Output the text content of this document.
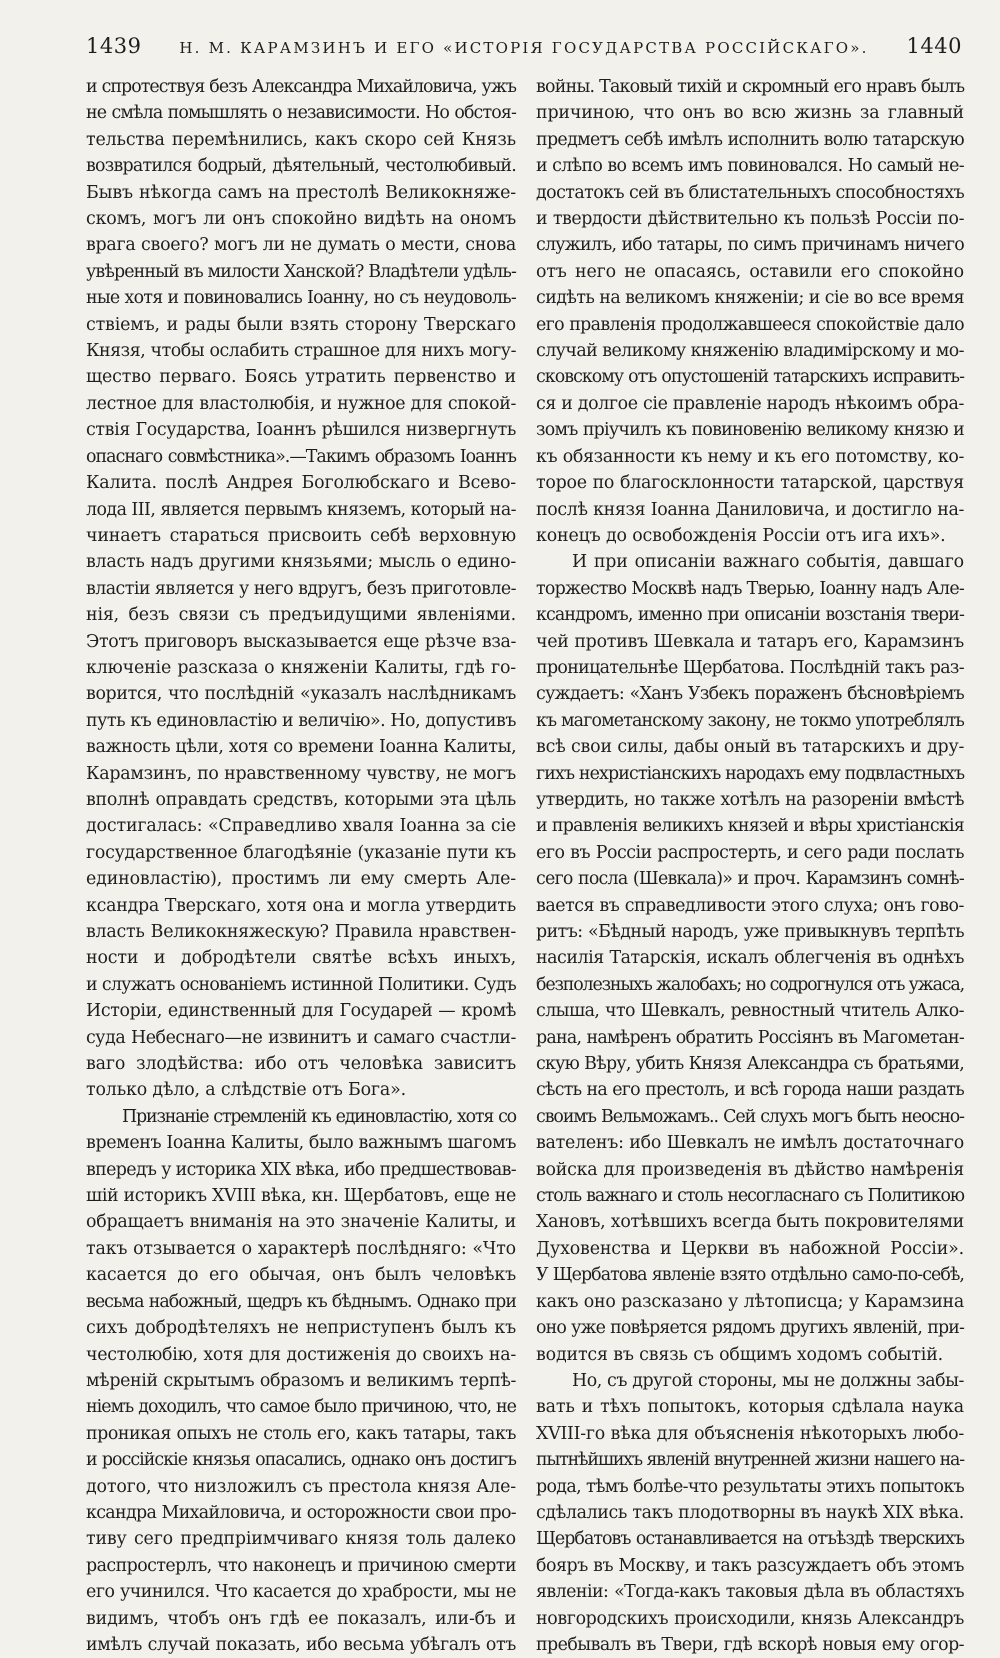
1439	Н. М. КАРАМЗИНЪ И ЕГО «ИСТОРІЯ ГОСУДАРСТВА РОССІЙСКАГО». 1440
и спротествуя безъ Александра Михайловича, ужъ
не смѣла помышлять о независимости. Но обстоя-
тельства перемѣнились, какъ скоро сей Князь
возвратился бодрый, дѣятельный, честолюбивый.
Бывъ нѣкогда самъ на престолѣ Великокняже-
скомъ, могъ ли онъ спокойно видѣть на ономъ
врага своего? могъ ли не думать о мести, снова
увѣренный въ милости Ханской? Владѣтели удѣль-
ные хотя и повиновались Іоанну, но съ неудоволь-
ствіемъ, и рады были взять сторону Тверскаго
Князя, чтобы ослабить страшное для нихъ могу-
щество перваго. Боясь утратить первенство и
лестное для властолюбія, и нужное для спокой-
ствія Государства, Іоаннъ рѣшился низвергнуть
опаснаго совмѣстника».—Такимъ образомъ Іоаннъ
Калита. послѣ Андрея Боголюбскаго и Всево-
лода III, является первымъ княземъ, который на-
чинаетъ стараться присвоить себѣ верховную
власть надъ другими князьями; мысль о едино-
властіи является у него вдругъ, безъ приготовле-
нія, безъ связи съ предъидущими явленіями.
Этотъ приговоръ высказывается еще рѣзче вза-
ключеніе разсказа о княженіи Калиты, гдѣ го-
ворится, что послѣдній «указалъ наслѣдникамъ
путь къ единовластію и величію». Но, допустивъ
важность цѣли, хотя со времени Іоанна Калиты,
Карамзинъ, по нравственному чувству, не могъ
вполнѣ оправдать средствъ, которыми эта цѣль
достигалась: «Справедливо хваля Іоанна за сіе
государственное благодѣяніе (указаніе пути къ
единовластію), простимъ ли ему смерть Але-
ксандра Тверскаго, хотя она и могла утвердить
власть Великокняжескую? Правила нравствен-
ности и добродѣтели святѣе всѣхъ иныхъ,
и служатъ основаніемъ истинной Политики. Судъ
Исторіи, единственный для Государей — кромѣ
суда Небеснаго—не извинитъ и самаго счастли-
ваго злодѣйства: ибо отъ человѣка зависитъ
только дѣло, а слѣдствіе отъ Бога».
Признаніе стремленій къ единовластію, хотя со
временъ Іоанна Калиты, было важнымъ шагомъ
впередъ у историка XIX вѣка, ибо предшествовав-
шій историкъ XVIII вѣка, кн. Щербатовъ, еще не
обращаетъ вниманія на это значеніе Калиты, и
такъ отзывается о характерѣ послѣдняго: «Что
касается до его обычая, онъ былъ человѣкъ
весьма набожный, щедръ къ бѣднымъ. Однако при
сихъ добродѣтеляхъ не неприступенъ былъ къ
честолюбію, хотя для достиженія до своихъ на-
мѣреній скрытымъ образомъ и великимъ терпѣ-
ніемъ доходилъ, что самое было причиною, что, не
проникая опыхъ не столь его, какъ татары, такъ
и россійскіе князья опасались, однако онъ достигъ
дотого, что низложилъ съ престола князя Але-
ксандра Михайловича, и осторожности свои про-
тиву сего предпріимчиваго князя толь далеко
распростерлъ, что наконецъ и причиною смерти
его учинился. Что касается до храбрости, мы не
видимъ, чтобъ онъ гдѣ ее показалъ, или-бъ и
имѣлъ случай показать, ибо весьма убѣгалъ отъ
войны. Таковый тихій и скромный его нравъ былъ
причиною, что онъ во всю жизнь за главный
предметъ себѣ имѣлъ исполнить волю татарскую
и слѣпо во всемъ имъ повиновался. Но самый не-
достатокъ сей въ блистательныхъ способностяхъ
и твердости дѣйствительно къ пользѣ Россіи по-
служилъ, ибо татары, по симъ причинамъ ничего
отъ него не опасаясь, оставили его спокойно
сидѣть на великомъ княженіи; и сіе во все время
его правленія продолжавшееся спокойствіе дало
случай великому княженію владимірскому и мо-
сковскому отъ опустошеній татарскихъ исправить-
ся и долгое сіе правленіе народъ нѣкоимъ обра-
зомъ пріучилъ къ повиновенію великому князю и
къ обязанности къ нему и къ его потомству, ко-
торое по благосклонности татарской, царствуя
послѣ князя Іоанна Даниловича, и достигло на-
конецъ до освобожденія Россіи отъ ига ихъ».
И при описаніи важнаго событія, давшаго
торжество Москвѣ надъ Тверью, Іоанну надъ Але-
ксандромъ, именно при описаніи возстанія твери-
чей противъ Шевкала и татаръ его, Карамзинъ
проницательнѣе Щербатова. Послѣдній такъ раз-
суждаетъ: «Ханъ Узбекъ пораженъ бѣсновѣріемъ
къ магометанскому закону, не токмо употреблялъ
всѣ свои силы, дабы оный въ татарскихъ и дру-
гихъ нехристіанскихъ народахъ ему подвластныхъ
утвердить, но также хотѣлъ на разореніи вмѣстѣ
и правленія великихъ князей и вѣры христіанскія
его въ Россіи распростерть, и сего ради послать
сего посла (Шевкала)» и проч. Карамзинъ сомнѣ-
вается въ справедливости этого слуха; онъ гово-
ритъ: «Бѣдный народъ, уже привыкнувъ терпѣть
насилія Татарскія, искалъ облегченія въ однѣхъ
безполезныхъ жалобахъ; но содрогнулся отъ ужаса,
слыша, что Шевкалъ, ревностный чтитель Алко-
рана, намѣренъ обратить Россіянъ въ Магометан-
скую Вѣру, убить Князя Александра съ братьями,
сѣсть на его престолъ, и всѣ города наши раздать
своимъ Вельможамъ.. Сей слухъ могъ быть неосно-
вателенъ: ибо Шевкалъ не имѣлъ достаточнаго
войска для произведенія въ дѣйство намѣренія
столь важнаго и столь несогласнаго съ Политикою
Хановъ, хотѣвшихъ всегда быть покровителями
Духовенства и Церкви въ набожной Россіи».
У Щербатова явленіе взято отдѣльно само-по-себѣ,
какъ оно разсказано у лѣтописца; у Карамзина
оно уже повѣряется рядомъ другихъ явленій, при-
водится въ связь съ общимъ ходомъ событій.
Но, съ другой стороны, мы не должны забы-
вать и тѣхъ попытокъ, которыя сдѣлала наука
XVIII-го вѣка для объясненія нѣкоторыхъ любо-
пытнѣйшихъ явленій внутренней жизни нашего на-
рода, тѣмъ болѣе-что результаты этихъ попытокъ
сдѣлались такъ плодотворны въ наукѣ XIX вѣка.
Щербатовъ останавливается на отъѣздѣ тверскихъ
бояръ въ Москву, и такъ разсуждаетъ объ этомъ
явленіи: «Тогда-какъ таковыя дѣла въ областяхъ
новгородскихъ происходили, князь Александръ
пребывалъ въ Твери, гдѣ вскорѣ новыя ему огор-
